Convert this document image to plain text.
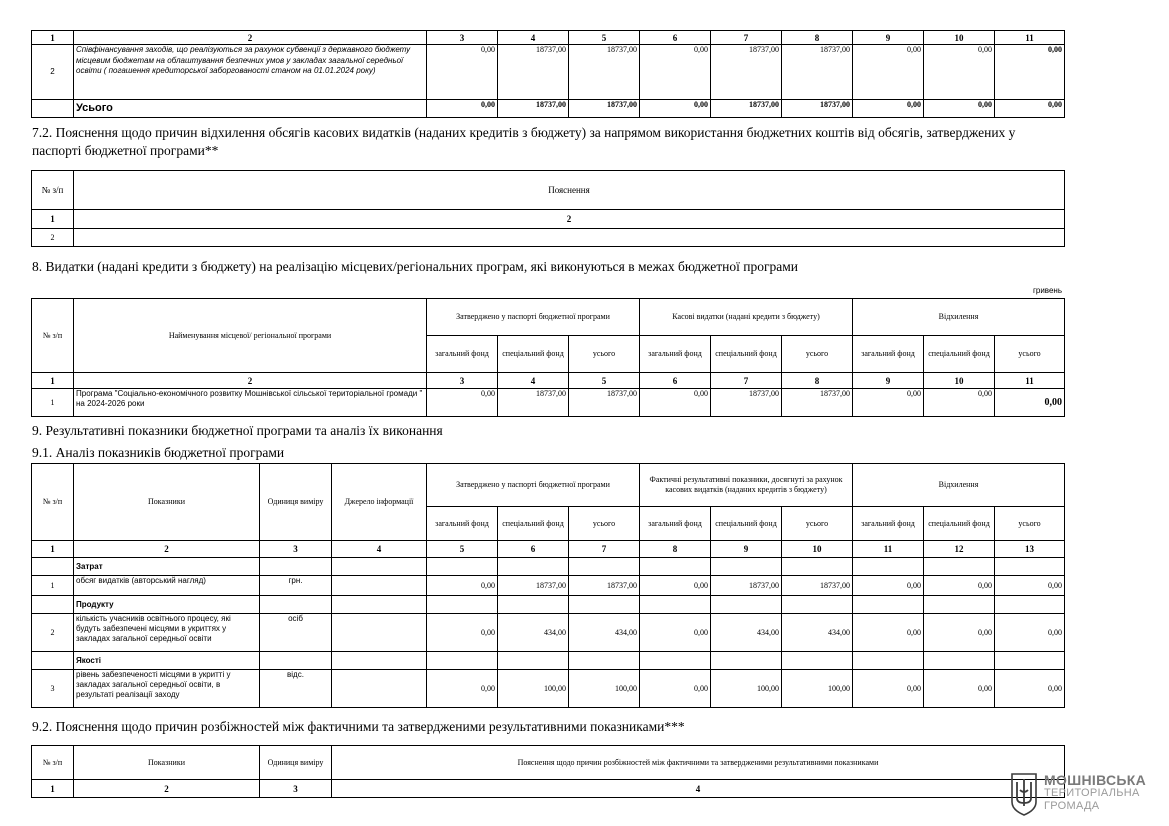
1	2	3	4	5	6	7	8	9	10	11
2	Співфінансування заходів, що реалізуються за рахунок субвенції з державного бюджету місцевим бюджетам на облаштування безпечних умов у закладах загальної середньої освіти ( погашення кредиторської заборгованості станом на 01.01.2024 року)	0,00	18737,00	18737,00	0,00	18737,00	18737,00	0,00	0,00	0,00
	Усього	0,00	18737,00	18737,00	0,00	18737,00	18737,00	0,00	0,00	0,00
7.2. Пояснення щодо причин відхилення обсягів касових видатків (наданих кредитів з бюджету) за напрямом використання бюджетних коштів від обсягів, затверджених у паспорті бюджетної програми**
№ з/п	Пояснення
1	2
2	
8. Видатки (надані кредити з бюджету) на реалізацію місцевих/регіональних програм, які виконуються в межах бюджетної програми
гривень
№ з/п	Найменування місцевої/ регіональної програми	Затверджено у паспорті бюджетної програми			Касові видатки (надані кредити з бюджету)			Відхилення		
		загальний фонд	спеціальний фонд	усього	загальний фонд	спеціальний фонд	усього	загальний фонд	спеціальний фонд	усього
1	2	3	4	5	6	7	8	9	10	11
1	Програма "Соціально-економічного розвитку Мошнівської сільської територіальної громади " на 2024-2026 роки	0,00	18737,00	18737,00	0,00	18737,00	18737,00	0,00	0,00	0,00
9. Результативні показники бюджетної програми та аналіз їх виконання
9.1. Аналіз показників бюджетної програми
№ з/п	Показники	Одиниця виміру	Джерело інформації	Затверджено у паспорті бюджетної програми			Фактичні результативні показники, досягнуті за рахунок касових видатків (наданих кредитів з бюджету)			Відхилення		
				загальний фонд	спеціальний фонд	усього	загальний фонд	спеціальний фонд	усього	загальний фонд	спеціальний фонд	усього
1	2	3	4	5	6	7	8	9	10	11	12	13
	Затрат											
1	обсяг видатків (авторський нагляд)	грн.		0,00	18737,00	18737,00	0,00	18737,00	18737,00	0,00	0,00	0,00
	Продукту											
2	кількість учасників освітнього процесу, які будуть забезпечені місцями в укриттях у закладах загальної середньої освіти	осіб		0,00	434,00	434,00	0,00	434,00	434,00	0,00	0,00	0,00
	Якості											
3	рівень забезпеченості місцями в укритті у закладах загальної середньої освіти, в результаті реалізації заходу	відс.		0,00	100,00	100,00	0,00	100,00	100,00	0,00	0,00	0,00
9.2. Пояснення щодо причин розбіжностей між фактичними та затвердженими результативними показниками***
№ з/п	Показники	Одиниця виміру	Пояснення щодо причин розбіжностей між фактичними та затвердженими результативними показниками
1	2	3	4
МОШНІВСЬКА
ТЕРИТОРІАЛЬНА
ГРОМАДА
